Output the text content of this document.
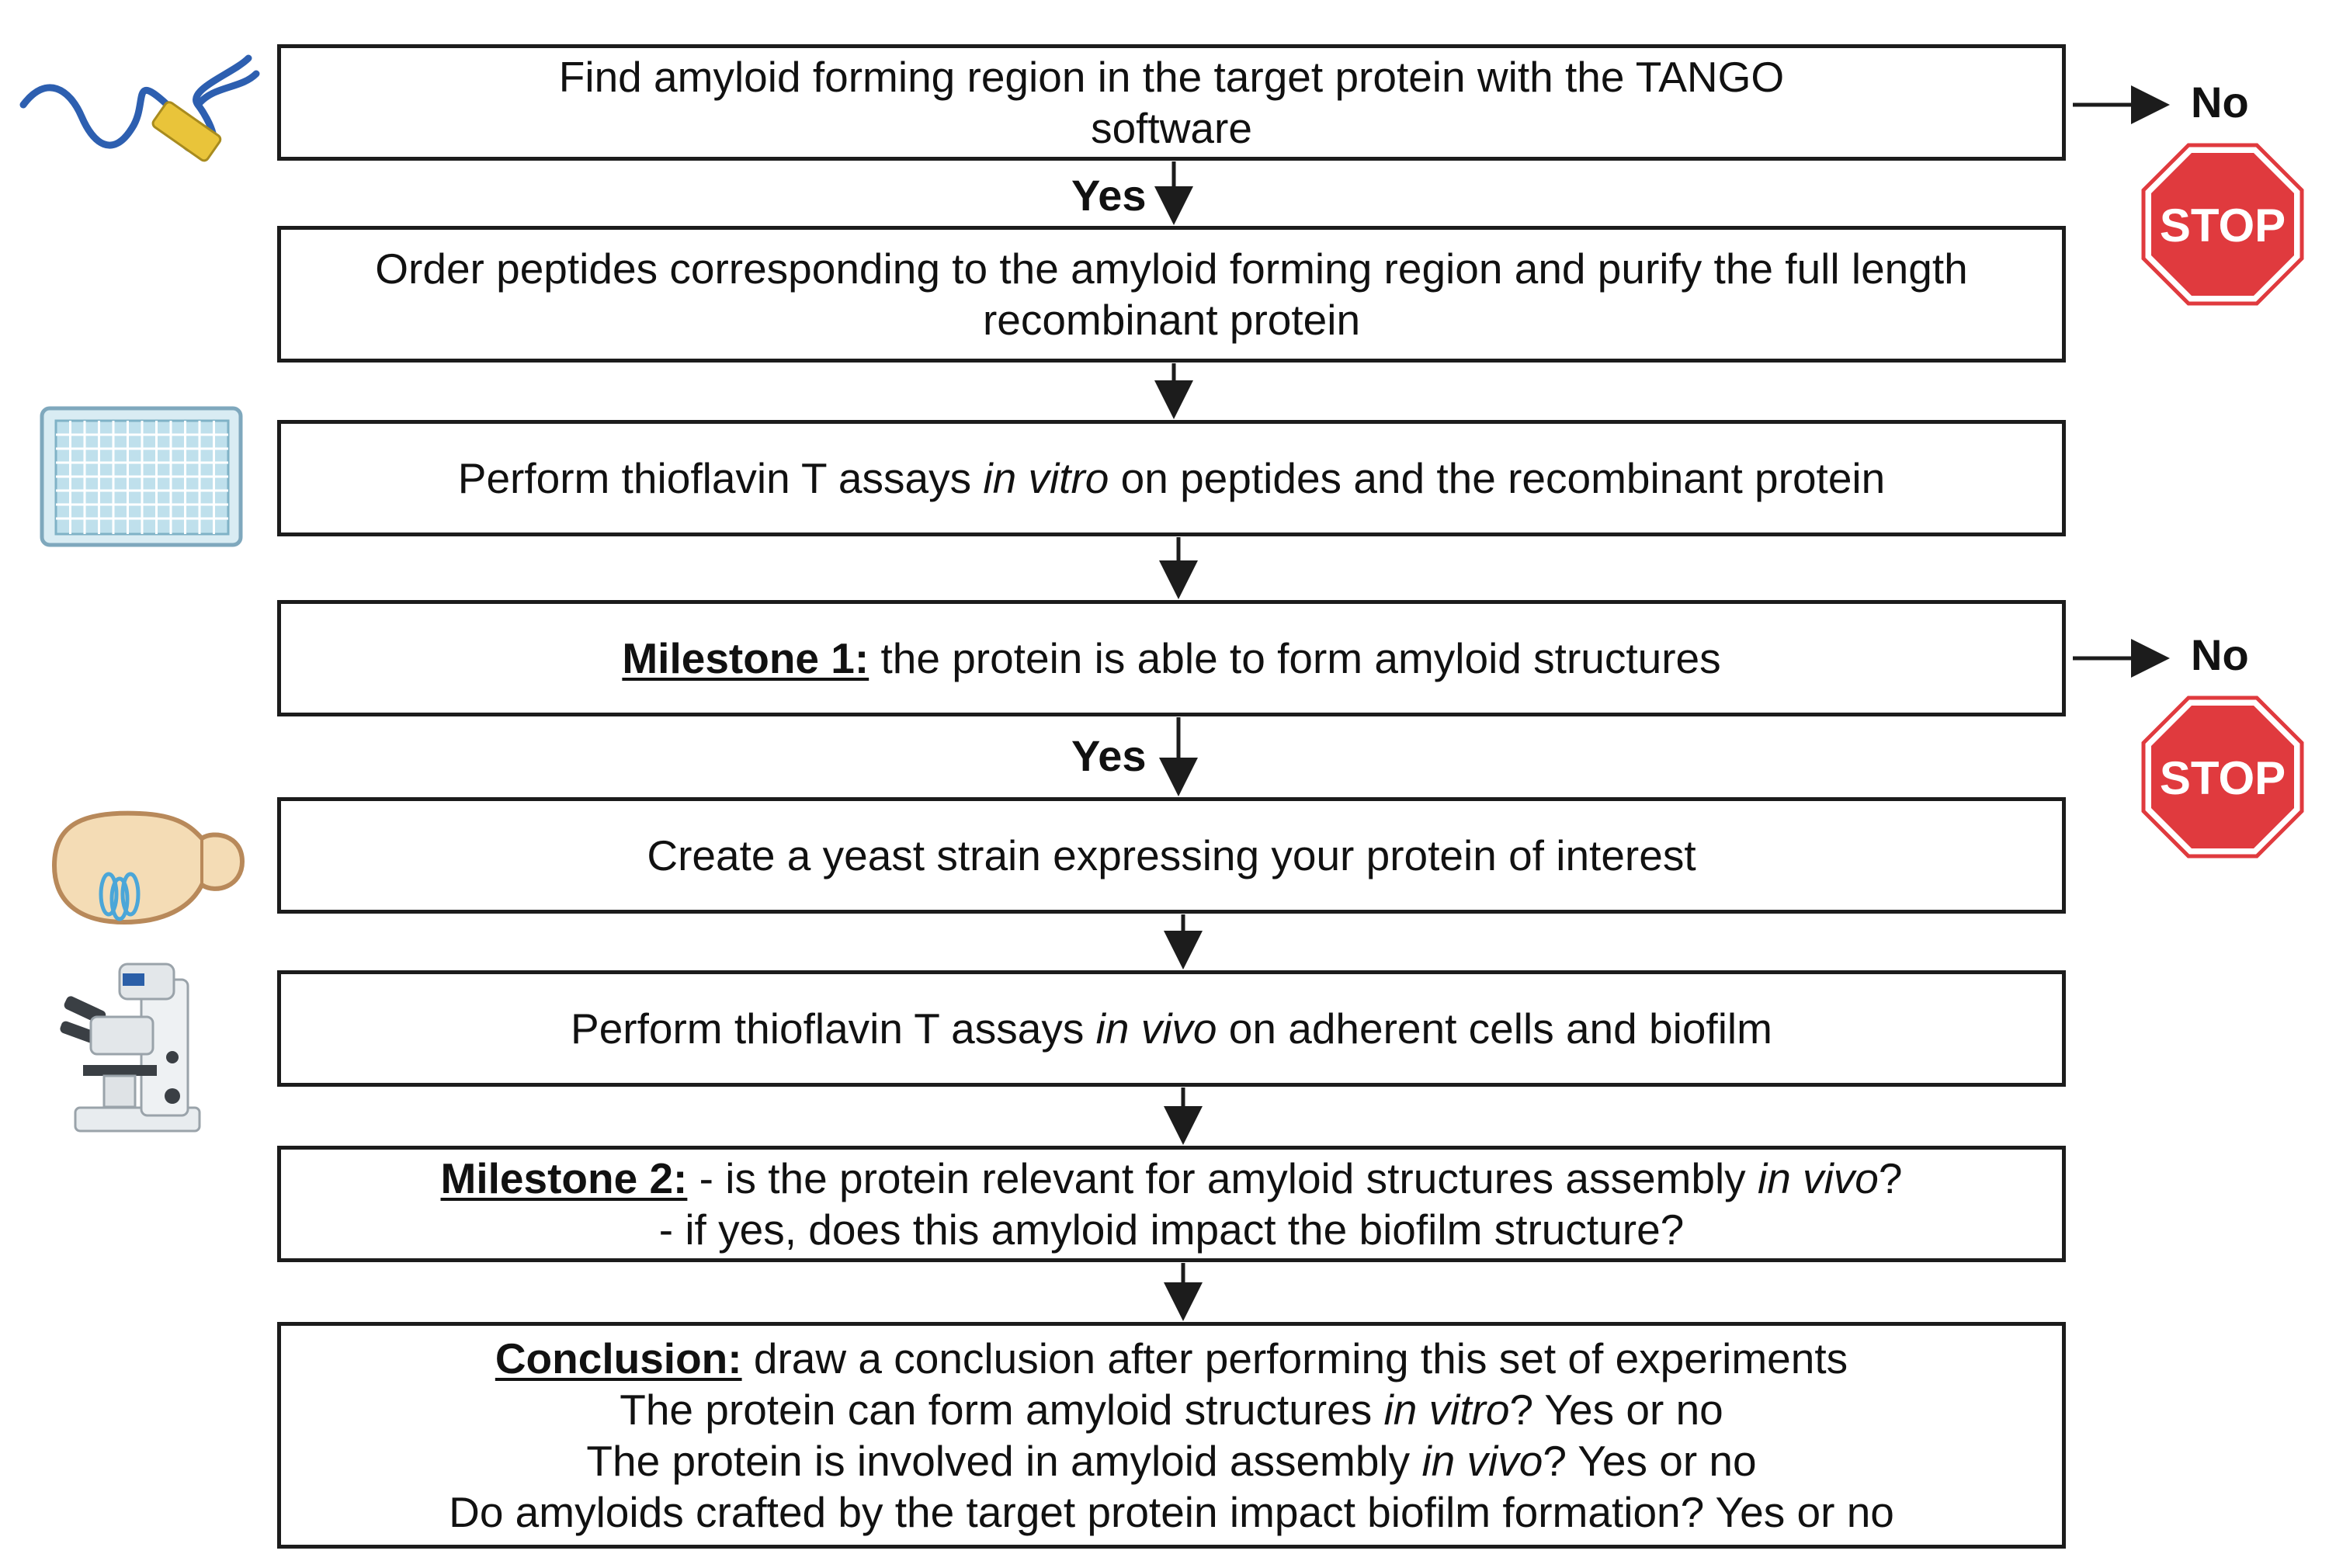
Find amyloid forming region in the target protein with the TANGO
software
Order peptides corresponding to the amyloid forming region and purify the full length
recombinant protein
Perform thioflavin T assays in vitro on peptides and the recombinant protein
Milestone 1: the protein is able to form amyloid structures
Create a yeast strain expressing your protein of interest
Perform thioflavin T assays in vivo on adherent cells and biofilm
Milestone 2: - is the protein relevant for amyloid structures assembly in vivo?
- if yes, does this amyloid impact the biofilm structure?
Conclusion: draw a conclusion after performing this set of experiments
The protein can form amyloid structures in vitro? Yes or no
The protein is involved in amyloid assembly in vivo? Yes or no
Do amyloids crafted by the target protein impact biofilm formation? Yes or no
Yes
Yes
No
No
STOP
STOP
